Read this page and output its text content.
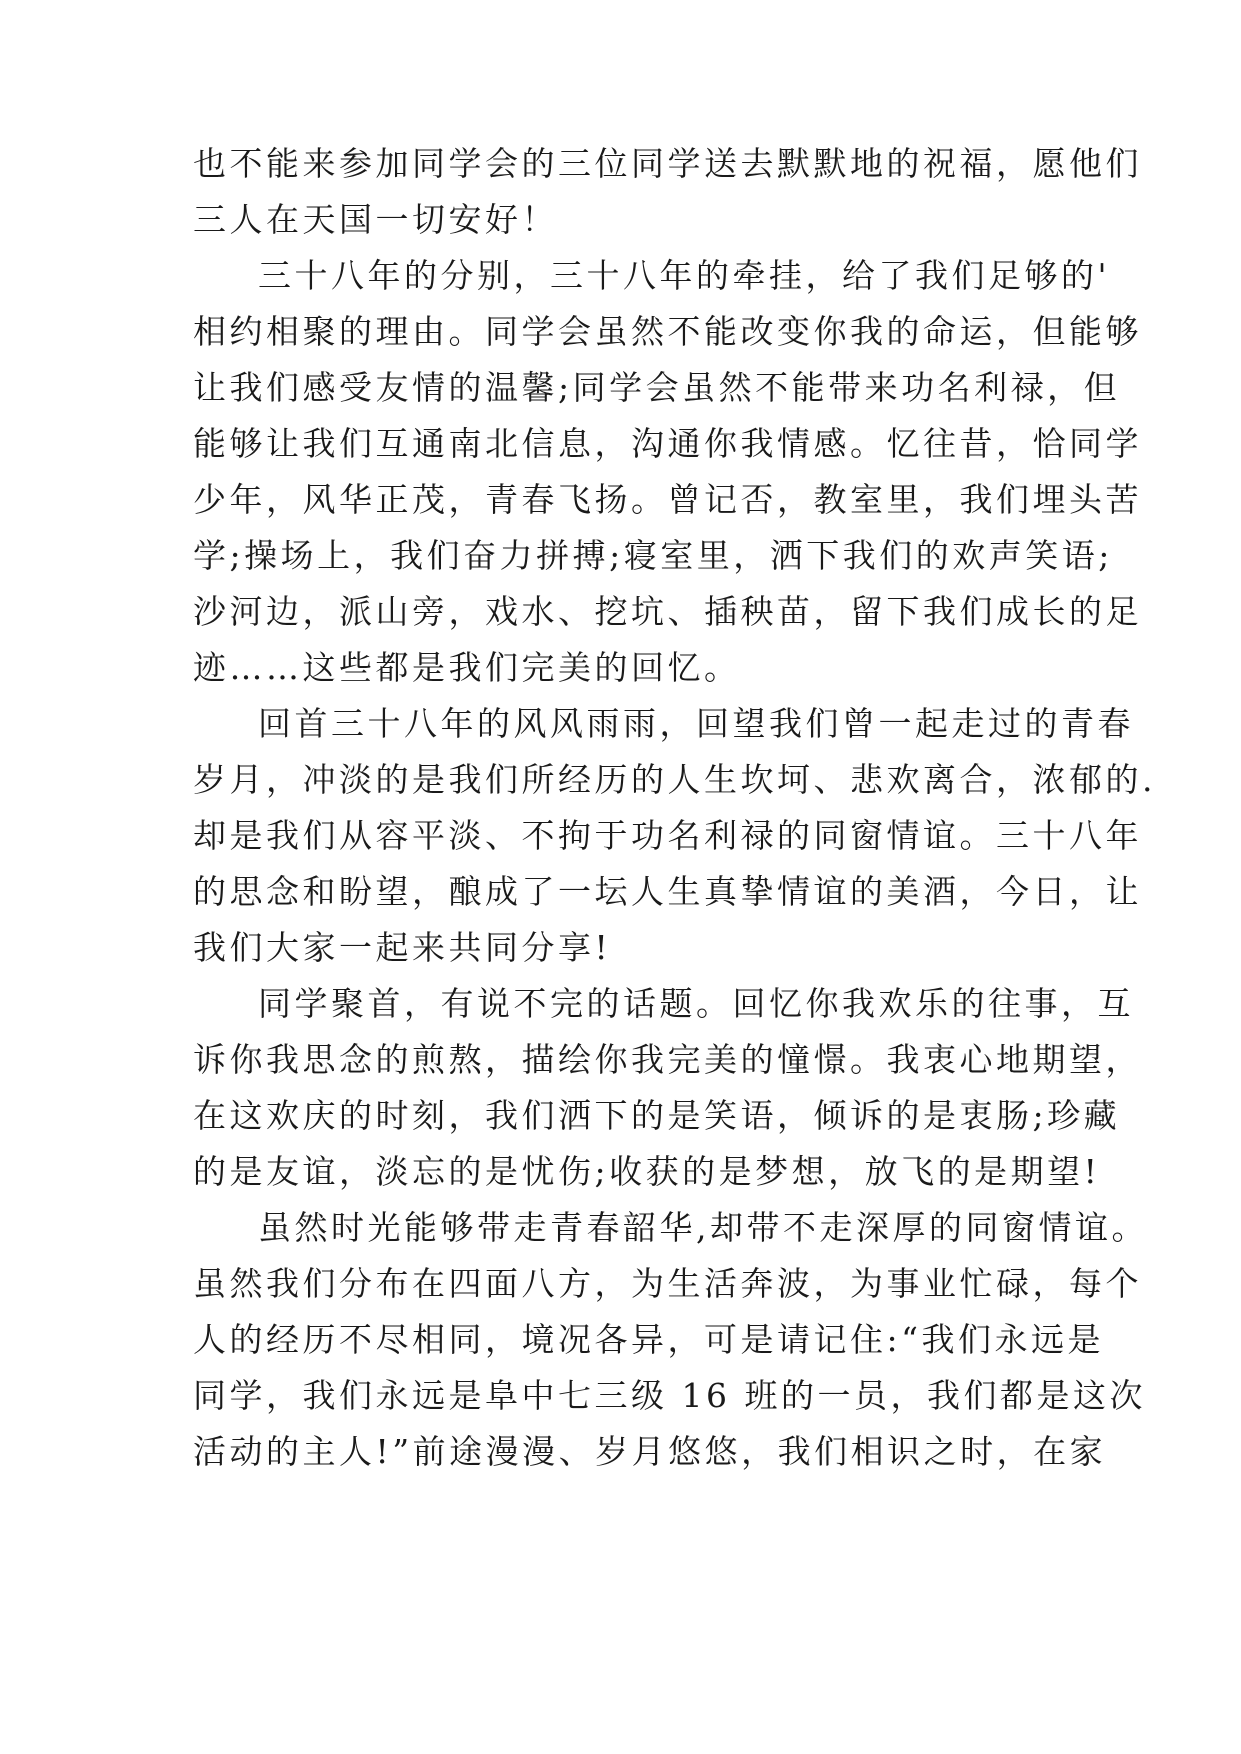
也不能来参加同学会的三位同学送去默默地的祝福，愿他们
三人在天国一切安好！
三十八年的分别，三十八年的牵挂，给了我们足够的'
相约相聚的理由。同学会虽然不能改变你我的命运，但能够
让我们感受友情的温馨;同学会虽然不能带来功名利禄，但
能够让我们互通南北信息，沟通你我情感。忆往昔，恰同学
少年，风华正茂，青春飞扬。曾记否，教室里，我们埋头苦
学;操场上，我们奋力拼搏;寝室里，洒下我们的欢声笑语;
沙河边，派山旁，戏水、挖坑、插秧苗，留下我们成长的足
迹……这些都是我们完美的回忆。
回首三十八年的风风雨雨，回望我们曾一起走过的青春
岁月，冲淡的是我们所经历的人生坎坷、悲欢离合，浓郁的.
却是我们从容平淡、不拘于功名利禄的同窗情谊。三十八年
的思念和盼望，酿成了一坛人生真挚情谊的美酒，今日，让
我们大家一起来共同分享!
同学聚首，有说不完的话题。回忆你我欢乐的往事，互
诉你我思念的煎熬，描绘你我完美的憧憬。我衷心地期望，
在这欢庆的时刻，我们洒下的是笑语，倾诉的是衷肠;珍藏
的是友谊，淡忘的是忧伤;收获的是梦想，放飞的是期望!
虽然时光能够带走青春韶华,却带不走深厚的同窗情谊。
虽然我们分布在四面八方，为生活奔波，为事业忙碌，每个
人的经历不尽相同，境况各异，可是请记住:“我们永远是
同学，我们永远是阜中七三级 16 班的一员，我们都是这次
活动的主人!”前途漫漫、岁月悠悠，我们相识之时，在家
